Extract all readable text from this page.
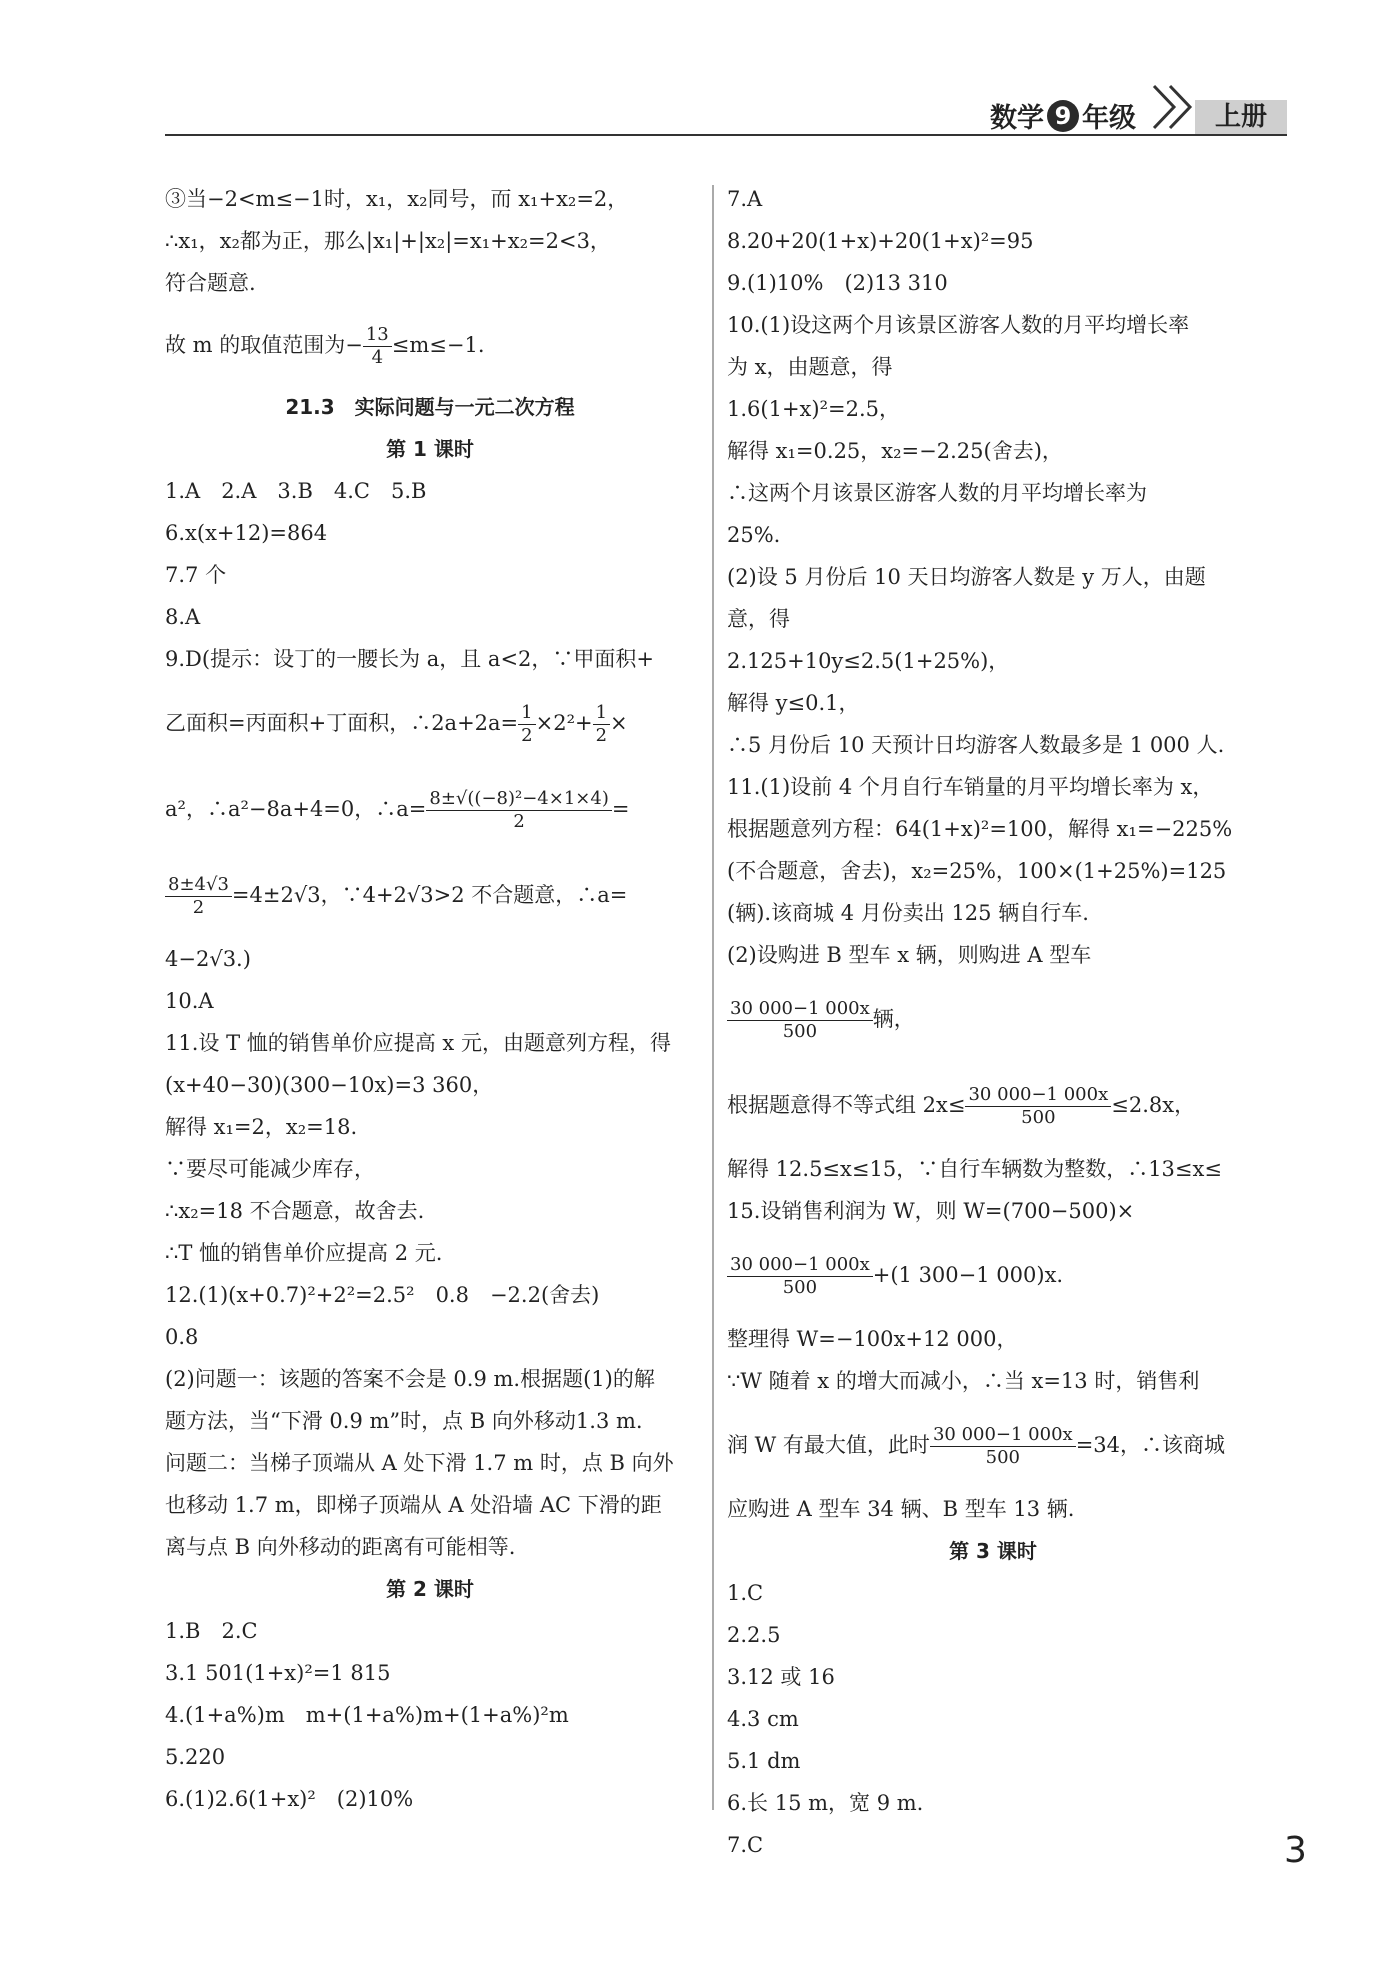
数学 9 年级	上册
③当−2<m≤−1时，x₁，x₂同号，而 x₁+x₂=2，
∴x₁，x₂都为正，那么|x₁|+|x₂|=x₁+x₂=2<3，
符合题意.
故 m 的取值范围为− $\frac{13}{4} \le m\le-1$.
21.3　实际问题与一元二次方程
第 1 课时
1.A　2.A　3.B　4.C　5.B
6.x(x+12)=864
7.7 个
8.A
9.D(提示：设丁的一腰长为 a，且 a<2，∵甲面积+
乙面积=丙面积+丁面积，∴2a+2a= $\frac{1}{2} \times 2^2+ \frac{1}{2}$ ×
a²，∴a²−8a+4=0，∴a= $\frac{\text{8±√((−8)²−4×1×4)}}{2}$ =
$\frac{8\pm 4√3}{2} =4\pm 2√3$，∵4+2√3>2 不合题意，∴a=
4−2√3.)
10.A
11.设 T 恤的销售单价应提高 x 元，由题意列方程，得
(x+40−30)(300−10x)=3 360，
解得 x₁=2，x₂=18.
∵要尽可能减少库存，
∴x₂=18 不合题意，故舍去.
∴T 恤的销售单价应提高 2 元.
12.(1)(x+0.7)²+2²=2.5²　0.8　−2.2(舍去)
0.8
(2)问题一：该题的答案不会是 0.9 m.根据题(1)的解
题方法，当“下滑 0.9 m”时，点 B 向外移动1.3 m.
问题二：当梯子顶端从 A 处下滑 1.7 m 时，点 B 向外
也移动 1.7 m，即梯子顶端从 A 处沿墙 AC 下滑的距
离与点 B 向外移动的距离有可能相等.
第 2 课时
1.B　2.C
3.1 501(1+x)²=1 815
4.(1+a%)m　m+(1+a%)m+(1+a%)²m
5.220
6.(1)2.6(1+x)²　(2)10%
7.A
8.20+20(1+x)+20(1+x)²=95
9.(1)10%　(2)13 310
10.(1)设这两个月该景区游客人数的月平均增长率
为 x，由题意，得
1.6(1+x)²=2.5，
解得 x₁=0.25，x₂=−2.25(舍去)，
∴这两个月该景区游客人数的月平均增长率为
25%.
(2)设 5 月份后 10 天日均游客人数是 y 万人，由题
意，得
2.125+10y≤2.5(1+25%)，
解得 y≤0.1，
∴5 月份后 10 天预计日均游客人数最多是 1 000 人.
11.(1)设前 4 个月自行车销量的月平均增长率为 x，
根据题意列方程：64(1+x)²=100，解得 x₁=−225%
(不合题意，舍去)，x₂=25%，100×(1+25%)=125
(辆).该商城 4 月份卖出 125 辆自行车.
(2)设购进 B 型车 x 辆，则购进 A 型车
$\frac{30 000-1 000x}{500}$ 辆，
根据题意得不等式组 $2x\le \frac{30 000-1 000x}{500} \le 2.8x$，
解得 12.5≤x≤15，∵自行车辆数为整数，∴13≤x≤
15.设销售利润为 W，则 W=(700−500)×
$\frac{30 000-1 000x}{500} +(1$ 300−1 000)x.
整理得 W=−100x+12 000，
∵W 随着 x 的增大而减小，∴当 x=13 时，销售利
润 W 有最大值，此时 $\frac{30 000-1 000x}{500} =34$，∴该商城
应购进 A 型车 34 辆、B 型车 13 辆.
第 3 课时
1.C
2.2.5
3.12 或 16
4.3 cm
5.1 dm
6.长 15 m，宽 9 m.
7.C	3
